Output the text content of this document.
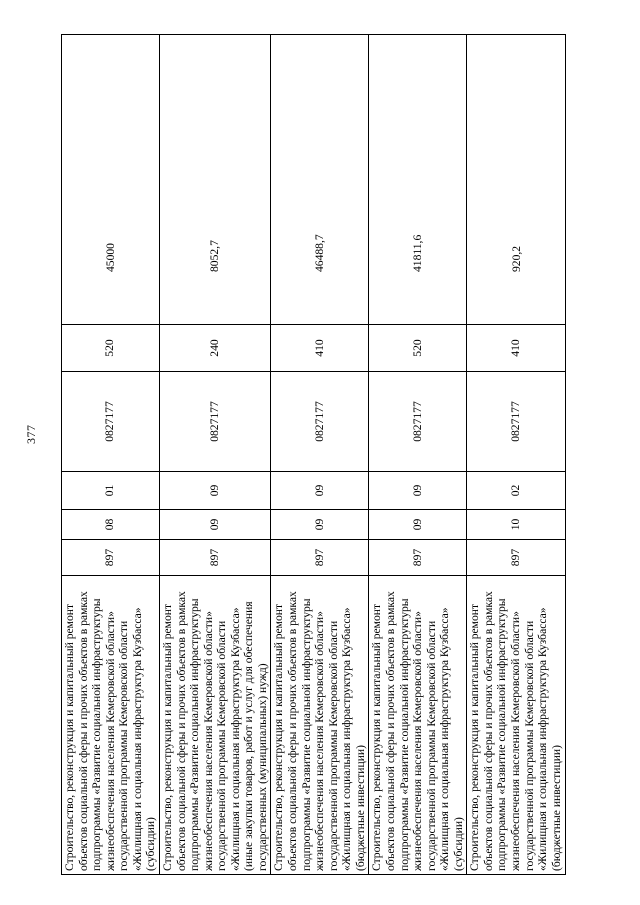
377
Строительство, реконструкция и капитальный ремонт объектов социальной сферы и прочих объектов в рамках подпрограммы «Развитие социальной инфраструктуры жизнеобеспечения населения Кемеровской области» государственной программы Кемеровской области «Жилищная и социальная инфраструктура Кузбасса» (субсидии)	897	08	01	0827177	520	45000
Строительство, реконструкция и капитальный ремонт объектов социальной сферы и прочих объектов в рамках подпрограммы «Развитие социальной инфраструктуры жизнеобеспечения населения Кемеровской области» государственной программы Кемеровской области «Жилищная и социальная инфраструктура Кузбасса» (иные закупки товаров, работ и услуг для обеспечения государственных (муниципальных) нужд)	897	09	09	0827177	240	8052,7
Строительство, реконструкция и капитальный ремонт объектов социальной сферы и прочих объектов в рамках подпрограммы «Развитие социальной инфраструктуры жизнеобеспечения населения Кемеровской области» государственной программы Кемеровской области «Жилищная и социальная инфраструктура Кузбасса» (бюджетные инвестиции)	897	09	09	0827177	410	46488,7
Строительство, реконструкция и капитальный ремонт объектов социальной сферы и прочих объектов в рамках подпрограммы «Развитие социальной инфраструктуры жизнеобеспечения населения Кемеровской области» государственной программы Кемеровской области «Жилищная и социальная инфраструктура Кузбасса» (субсидии)	897	09	09	0827177	520	41811,6
Строительство, реконструкция и капитальный ремонт объектов социальной сферы и прочих объектов в рамках подпрограммы «Развитие социальной инфраструктуры жизнеобеспечения населения Кемеровской области» государственной программы Кемеровской области «Жилищная и социальная инфраструктура Кузбасса» (бюджетные инвестиции)	897	10	02	0827177	410	920,2
